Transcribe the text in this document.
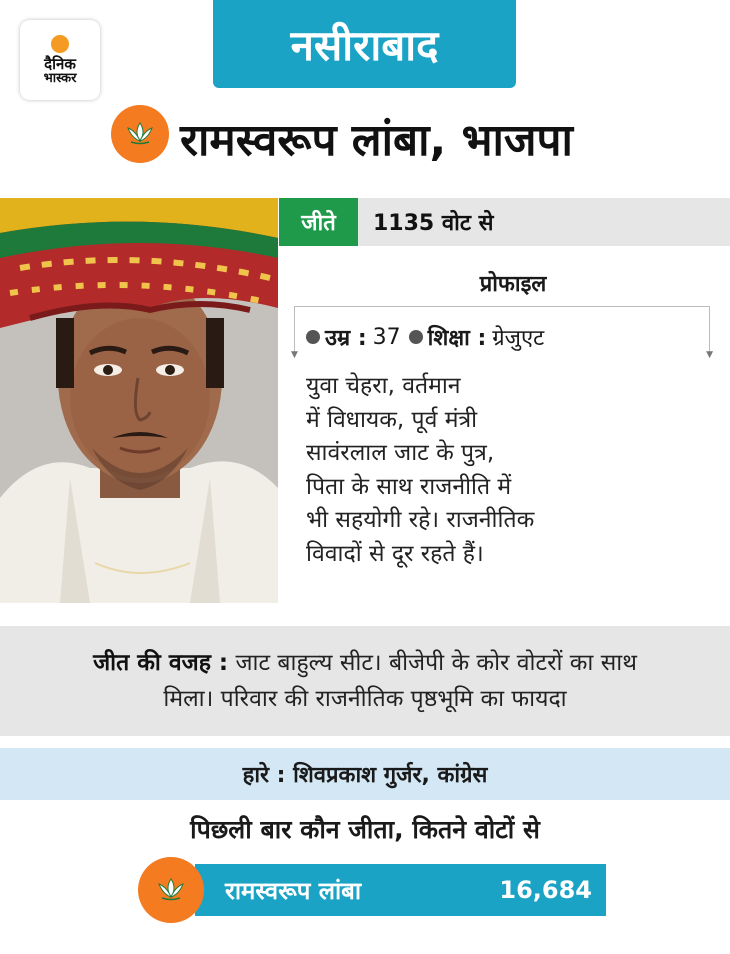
दैनिक
भास्कर
नसीराबाद
रामस्वरूप लांबा, भाजपा
जीते	1135 वोट से
प्रोफाइल
▼	▼
उम्र : 37 शिक्षा : ग्रेजुएट
युवा चेहरा, वर्तमान
में विधायक, पूर्व मंत्री
सावंरलाल जाट के पुत्र,
पिता के साथ राजनीति में
भी सहयोगी रहे। राजनीतिक
विवादों से दूर रहते हैं।
जीत की वजह : जाट बाहुल्य सीट। बीजेपी के कोर वोटरों का साथ
मिला। परिवार की राजनीतिक पृष्ठभूमि का फायदा
हारे : शिवप्रकाश गुर्जर, कांग्रेस
पिछली बार कौन जीता, कितने वोटों से
रामस्वरूप लांबा	16,684
